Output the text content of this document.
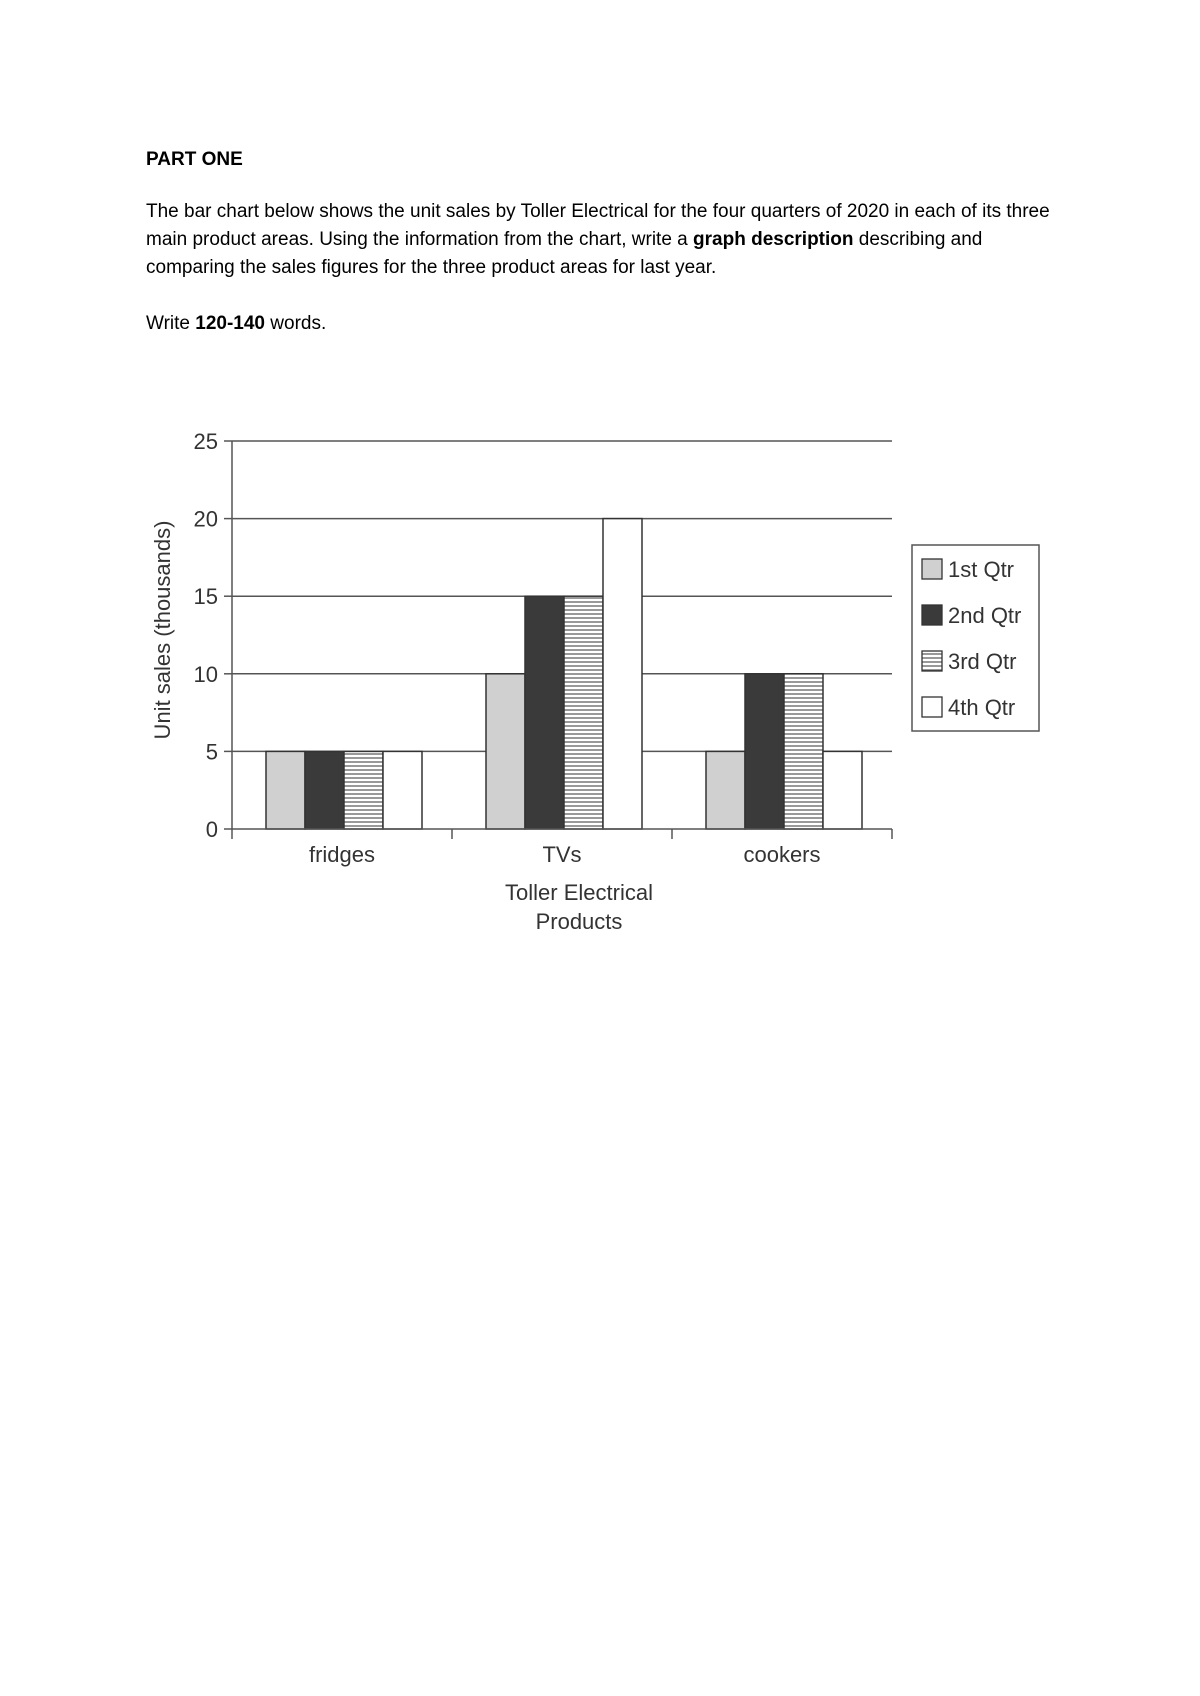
PART ONE
The bar chart below shows the unit sales by Toller Electrical for the four quarters of 2020 in each of its three main product areas. Using the information from the chart, write a graph description describing and comparing the sales figures for the three product areas for last year.
Write 120-140 words.
0
5
10
15
20
25
fridges	TVs	cookers
Unit sales (thousands)
Toller Electrical
Products
1st Qtr
2nd Qtr
3rd Qtr
4th Qtr
